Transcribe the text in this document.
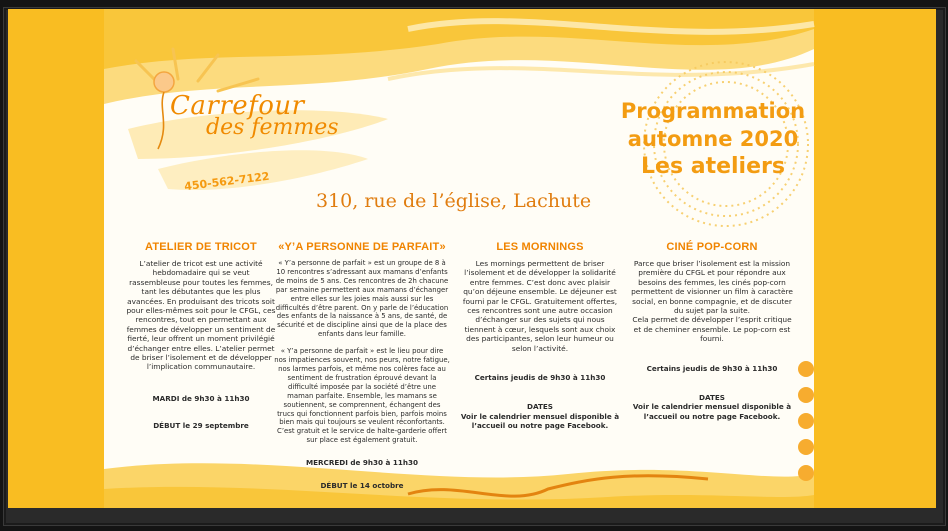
Carrefour
des femmes
450-562-7122
310, rue de l’église, Lachute
Programmation
automne 2020
Les ateliers
ATELIER DE TRICOT

L’atelier de tricot est une activité hebdomadaire qui se veut rassembleuse pour toutes les femmes, tant les débutantes que les plus avancées. En produisant des tricots soit pour elles-mêmes soit pour le CFGL, ces rencontres, tout en permettant aux femmes de développer un sentiment de fierté, leur offrent un moment privilégié d’échanger entre elles. L’atelier permet de briser l’isolement et de développer l’implication communautaire.

MARDI de 9h30 à 11h30

DÉBUT le 29 septembre

«Y’A PERSONNE DE PARFAIT»

« Y’a personne de parfait » est un groupe de 8 à 10 rencontres s’adressant aux mamans d’enfants de moins de 5 ans. Ces rencontres de 2h chacune par semaine permettent aux mamans d’échanger entre elles sur les joies mais aussi sur les difficultés d’être parent. On y parle de l’éducation des enfants de la naissance à 5 ans, de santé, de sécurité et de discipline ainsi que de la place des enfants dans leur famille.

« Y’a personne de parfait » est le lieu pour dire nos impatiences souvent, nos peurs, notre fatigue, nos larmes parfois, et même nos colères face au sentiment de frustration éprouvé devant la difficulté imposée par la société d’être une maman parfaite. Ensemble, les mamans se soutiennent, se comprennent, échangent des trucs qui fonctionnent parfois bien, parfois moins bien mais qui toujours se veulent réconfortants. C’est gratuit et le service de halte-garderie offert sur place est également gratuit.

MERCREDI de 9h30 à 11h30

DÉBUT le 14 octobre

LES MORNINGS

Les mornings permettent de briser l’isolement et de développer la solidarité entre femmes. C’est donc avec plaisir qu’on déjeune ensemble. Le déjeuner est fourni par le CFGL. Gratuitement offertes, ces rencontres sont une autre occasion d’échanger sur des sujets qui nous tiennent à cœur, lesquels sont aux choix des participantes, selon leur humeur ou selon l’activité.

Certains jeudis de 9h30 à 11h30

DATES

Voir le calendrier mensuel disponible à l’accueil ou notre page Facebook.

CINÉ POP-CORN

Parce que briser l’isolement est la mission première du CFGL et pour répondre aux besoins des femmes, les cinés pop-corn permettent de visionner un film à caractère social, en bonne compagnie, et de discuter du sujet par la suite.

Cela permet de développer l’esprit critique et de cheminer ensemble. Le pop-corn est fourni.

Certains jeudis de 9h30 à 11h30

DATES

Voir le calendrier mensuel disponible à l’accueil ou notre page Facebook.
